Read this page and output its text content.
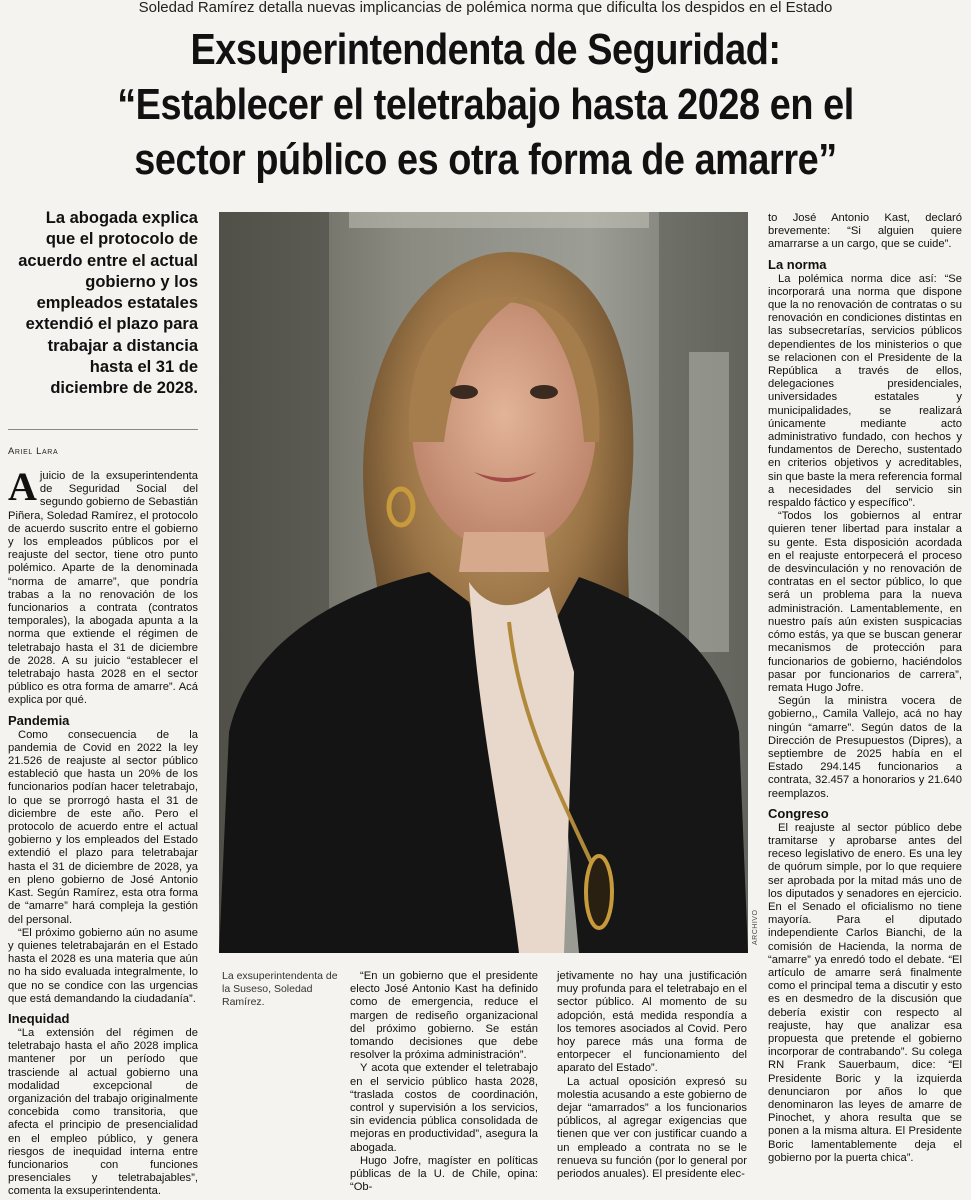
Soledad Ramírez detalla nuevas implicancias de polémica norma que dificulta los despidos en el Estado
Exsuperintendenta de Seguridad:
“Establecer el teletrabajo hasta 2028 en el
sector público es otra forma de amarre”
La abogada explica que el protocolo de acuerdo entre el actual gobierno y los empleados estatales extendió el plazo para trabajar a distancia hasta el 31 de diciembre de 2028.
Ariel Lara

Ajuicio de la exsuperintendenta de Seguridad Social del segundo gobierno de Sebastián Piñera, Soledad Ramírez, el protocolo de acuerdo suscrito entre el gobierno y los empleados públicos por el reajuste del sector, tiene otro punto polémico. Aparte de la denominada “norma de amarre”, que pondría trabas a la no renovación de los funcionarios a contrata (contratos temporales), la abogada apunta a la norma que extiende el régimen de teletrabajo hasta el 31 de diciembre de 2028. A su juicio “establecer el teletrabajo hasta 2028 en el sector público es otra forma de amarre”. Acá explica por qué.

Pandemia

Como consecuencia de la pandemia de Covid en 2022 la ley 21.526 de reajuste al sector público estableció que hasta un 20% de los funcionarios podían hacer teletrabajo, lo que se prorrogó hasta el 31 de diciembre de este año. Pero el protocolo de acuerdo entre el actual gobierno y los empleados del Estado extendió el plazo para teletrabajar hasta el 31 de diciembre de 2028, ya en pleno gobierno de José Antonio Kast. Según Ramírez, esta otra forma de “amarre” hará compleja la gestión del personal.

“El próximo gobierno aún no asume y quienes teletrabajarán en el Estado hasta el 2028 es una materia que aún no ha sido evaluada integralmente, lo que no se condice con las urgencias que está demandando la ciudadanía”.

Inequidad

“La extensión del régimen de teletrabajo hasta el año 2028 implica mantener por un período que trasciende al actual gobierno una modalidad excepcional de organización del trabajo originalmente concebida como transitoria, que afecta el principio de presencialidad en el empleo público, y genera riesgos de inequidad interna entre funcionarios con funciones presenciales y teletrabajables”, comenta la exsuperintendenta.

ARCHIVO
La exsuperintendenta de la Suseso, Soledad Ramírez.

“En un gobierno que el presidente electo José Antonio Kast ha definido como de emergencia, reduce el margen de rediseño organizacional del próximo gobierno. Se están tomando decisiones que debe resolver la próxima administración”.

Y acota que extender el teletrabajo en el servicio público hasta 2028, “traslada costos de coordinación, control y supervisión a los servicios, sin evidencia pública consolidada de mejoras en productividad”, asegura la abogada.

Hugo Jofre, magíster en políticas públicas de la U. de Chile, opina: “Ob-

jetivamente no hay una justificación muy profunda para el teletrabajo en el sector público. Al momento de su adopción, está medida respondía a los temores asociados al Covid. Pero hoy parece más una forma de entorpecer el funcionamiento del aparato del Estado”.

La actual oposición expresó su molestia acusando a este gobierno de dejar “amarrados” a los funcionarios públicos, al agregar exigencias que tienen que ver con justificar cuando a un empleado a contrata no se le renueva su función (por lo general por periodos anuales). El presidente elec-

to José Antonio Kast, declaró brevemente: “Si alguien quiere amarrarse a un cargo, que se cuide”.

La norma

La polémica norma dice así: “Se incorporará una norma que dispone que la no renovación de contratas o su renovación en condiciones distintas en las subsecretarías, servicios públicos dependientes de los ministerios o que se relacionen con el Presidente de la República a través de ellos, delegaciones presidenciales, universidades estatales y municipalidades, se realizará únicamente mediante acto administrativo fundado, con hechos y fundamentos de Derecho, sustentado en criterios objetivos y acreditables, sin que baste la mera referencia formal a necesidades del servicio sin respaldo fáctico y específico”.

“Todos los gobiernos al entrar quieren tener libertad para instalar a su gente. Esta disposición acordada en el reajuste entorpecerá el proceso de desvinculación y no renovación de contratas en el sector público, lo que será un problema para la nueva administración. Lamentablemente, en nuestro país aún existen suspicacias cómo estás, ya que se buscan generar mecanismos de protección para funcionarios de gobierno, haciéndolos pasar por funcionarios de carrera”, remata Hugo Jofre.

Según la ministra vocera de gobierno,, Camila Vallejo, acá no hay ningún “amarre”. Según datos de la Dirección de Presupuestos (Dipres), a septiembre de 2025 había en el Estado 294.145 funcionarios a contrata, 32.457 a honorarios y 21.640 reemplazos.

Congreso

El reajuste al sector público debe tramitarse y aprobarse antes del receso legislativo de enero. Es una ley de quórum simple, por lo que requiere ser aprobada por la mitad más uno de los diputados y senadores en ejercicio. En el Senado el oficialismo no tiene mayoría. Para el diputado independiente Carlos Bianchi, de la comisión de Hacienda, la norma de “amarre” ya enredó todo el debate. “El artículo de amarre será finalmente como el principal tema a discutir y esto es en desmedro de la discusión que debería existir con respecto al reajuste, hay que analizar esa propuesta que pretende el gobierno incorporar de contrabando”. Su colega RN Frank Sauerbaum, dice: “El Presidente Boric y la izquierda denunciaron por años lo que denominaron las leyes de amarre de Pinochet, y ahora resulta que se ponen a la misma altura. El Presidente Boric lamentablemente deja el gobierno por la puerta chica”.
